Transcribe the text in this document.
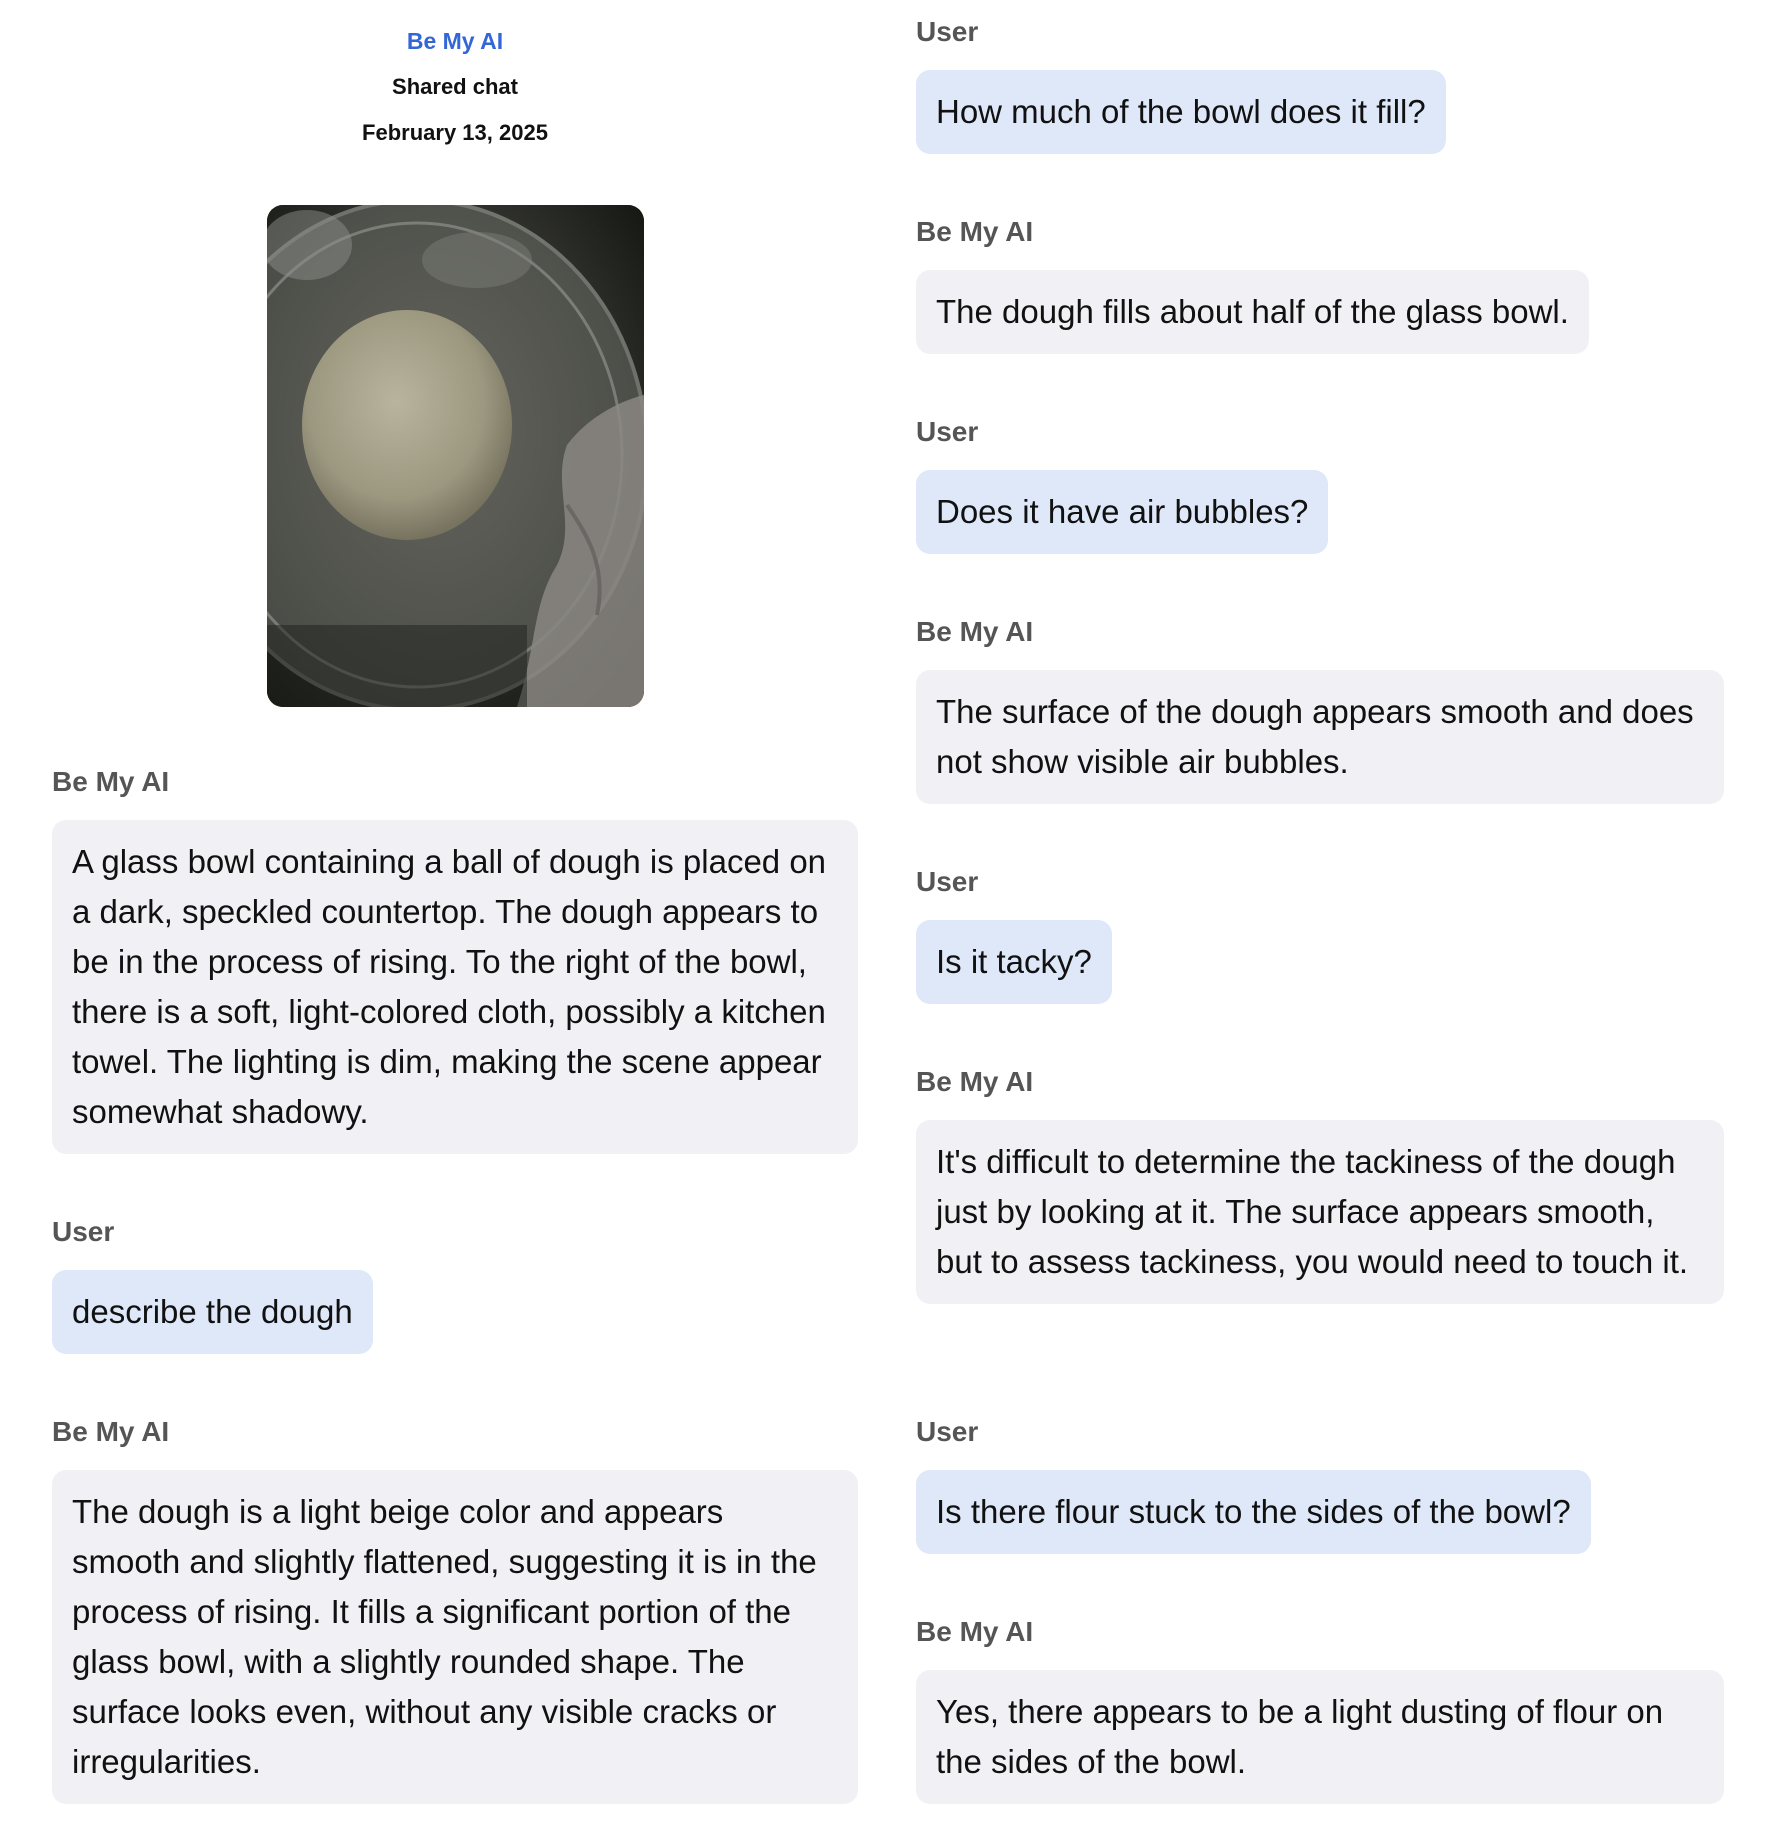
Be My AI
Shared chat
February 13, 2025
Be My AI
A glass bowl containing a ball of dough is placed on a dark, speckled countertop. The dough appears to be in the process of rising. To the right of the bowl, there is a soft, light-colored cloth, possibly a kitchen towel. The lighting is dim, making the scene appear somewhat shadowy.
User
describe the dough
Be My AI
The dough is a light beige color and appears smooth and slightly flattened, suggesting it is in the process of rising. It fills a significant portion of the glass bowl, with a slightly rounded shape. The surface looks even, without any visible cracks or irregularities.
User
How much of the bowl does it fill?
Be My AI
The dough fills about half of the glass bowl.
User
Does it have air bubbles?
Be My AI
The surface of the dough appears smooth and does not show visible air bubbles.
User
Is it tacky?
Be My AI
It's difficult to determine the tackiness of the dough just by looking at it. The surface appears smooth, but to assess tackiness, you would need to touch it.
User
Is there flour stuck to the sides of the bowl?
Be My AI
Yes, there appears to be a light dusting of flour on the sides of the bowl.
